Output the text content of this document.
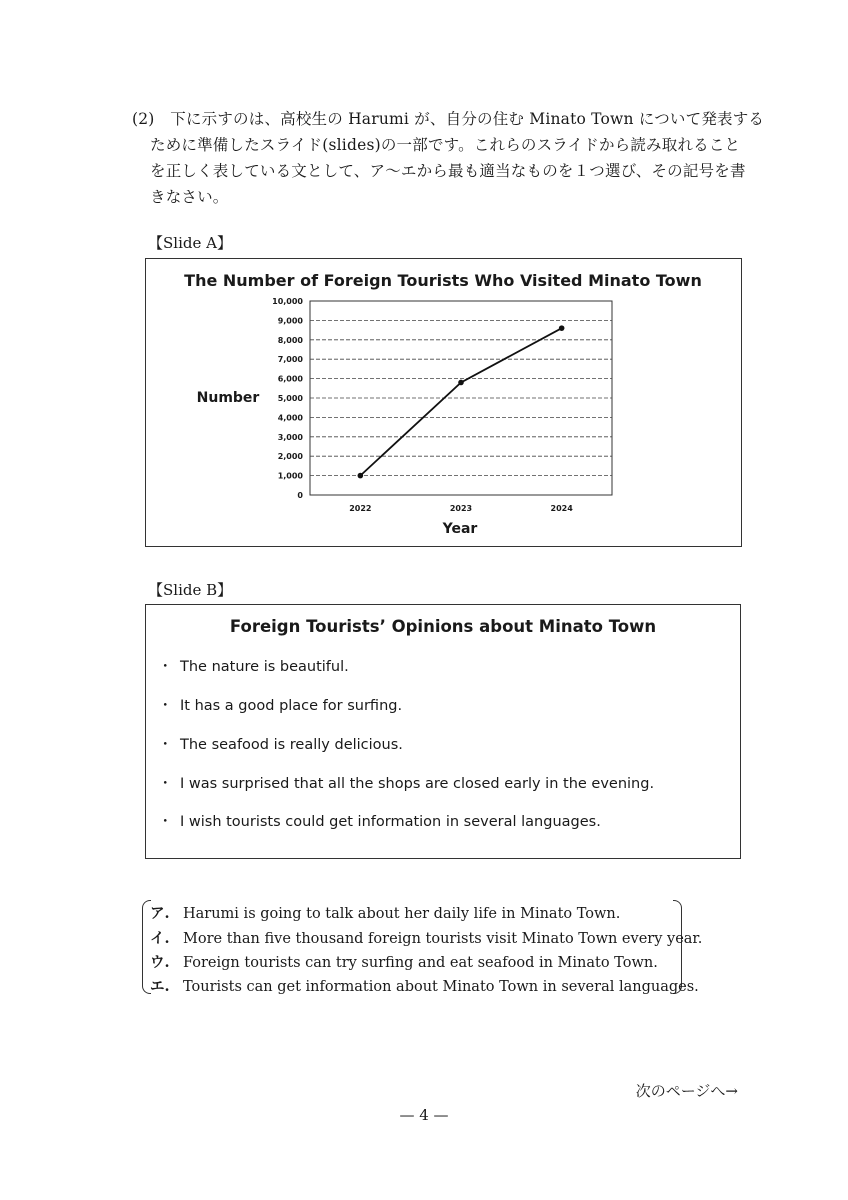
(2)　下に示すのは、高校生の Harumi が、自分の住む Minato Town について発表する
ために準備したスライド(slides)の一部です。これらのスライドから読み取れること
を正しく表している文として、ア～エから最も適当なものを１つ選び、その記号を書
きなさい。
【Slide A】
The Number of Foreign Tourists Who Visited Minato Town
Number
Year
0
1,000
2,000
3,000
4,000
5,000
6,000
7,000
8,000
9,000
10,000
2022	2023	2024
【Slide B】
Foreign Tourists’ Opinions about Minato Town
・ The nature is beautiful.
・ It has a good place for surfing.
・ The seafood is really delicious.
・ I was surprised that all the shops are closed early in the evening.
・ I wish tourists could get information in several languages.
ア. Harumi is going to talk about her daily life in Minato Town.
イ. More than five thousand foreign tourists visit Minato Town every year.
ウ. Foreign tourists can try surfing and eat seafood in Minato Town.
エ. Tourists can get information about Minato Town in several languages.
次のページへ→
— 4 —
